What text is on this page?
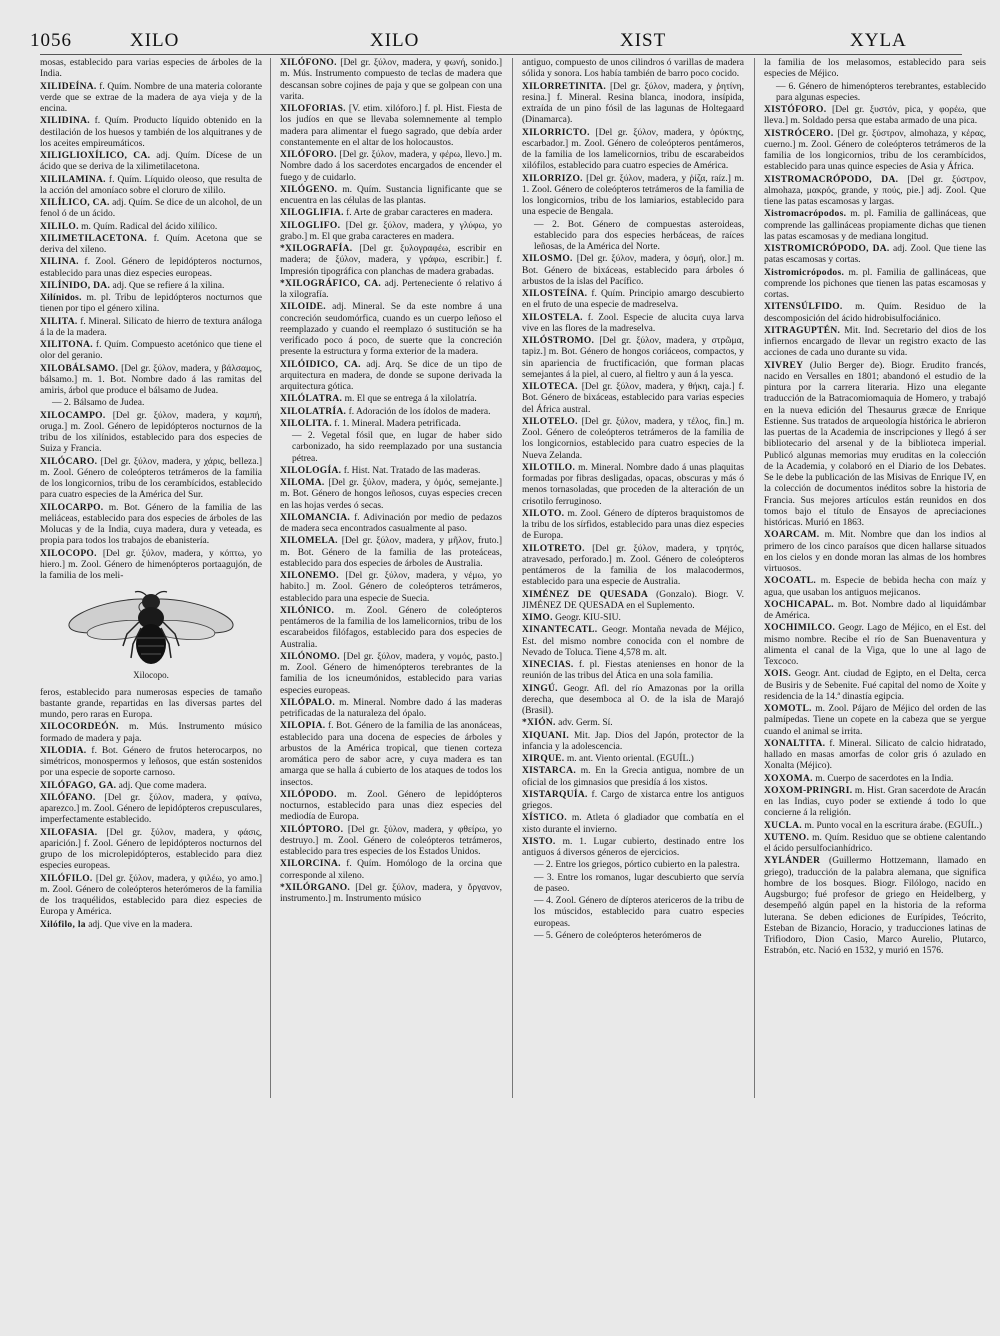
1056	XILO	XILO	XIST	XYLA

mosas, establecido para varias especies de árboles de la India.

XILIDEÍNA. f. Quím. Nombre de una materia colorante verde que se extrae de la madera de aya vieja y de la encina.

XILIDINA. f. Quím. Producto líquido obtenido en la destilación de los huesos y también de los alquitranes y de los aceites empireumáticos.

XILIGLIOXÍLICO, CA. adj. Quím. Dícese de un ácido que se deriva de la xilimetilacetona.

XILILAMINA. f. Quím. Líquido oleoso, que resulta de la acción del amoníaco sobre el cloruro de xililo.

XILÍLICO, CA. adj. Quím. Se dice de un alcohol, de un fenol ó de un ácido.

XILILO. m. Quím. Radical del ácido xilílico.

XILIMETILACETONA. f. Quím. Acetona que se deriva del xileno.

XILINA. f. Zool. Género de lepidópteros nocturnos, establecido para unas diez especies europeas.

XILÍNIDO, DA. adj. Que se refiere á la xilina.

Xilínidos. m. pl. Tribu de lepidópteros nocturnos que tienen por tipo el género xilina.

XILITA. f. Mineral. Silicato de hierro de textura análoga á la de la madera.

XILITONA. f. Quím. Compuesto acetónico que tiene el olor del geranio.

XILOBÁLSAMO. [Del gr. ξύλον, madera, y βάλσαμος, bálsamo.] m. 1. Bot. Nombre dado á las ramitas del amiris, árbol que produce el bálsamo de Judea.

— 2. Bálsamo de Judea.

XILOCAMPO. [Del gr. ξύλον, madera, y καμπή, oruga.] m. Zool. Género de lepidópteros nocturnos de la tribu de los xilínidos, establecido para dos especies de Suiza y Francia.

XILÓCARO. [Del gr. ξύλον, madera, y χάρις, belleza.] m. Zool. Género de coleópteros tetrámeros de la familia de los longicornios, tribu de los cerambícidos, establecido para cuatro especies de la América del Sur.

XILOCARPO. m. Bot. Género de la familia de las meliáceas, establecido para dos especies de árboles de las Molucas y de la India, cuya madera, dura y veteada, es propia para todos los trabajos de ebanistería.

XILOCOPO. [Del gr. ξύλον, madera, y κόπτω, yo hiero.] m. Zool. Género de himenópteros portaagujón, de la familia de los meli-

Xilocopo.

feros, establecido para numerosas especies de tamaño bastante grande, repartidas en las diversas partes del mundo, pero raras en Europa.

XILOCORDEÓN. m. Mús. Instrumento músico formado de madera y paja.

XILODIA. f. Bot. Género de frutos heterocarpos, no simétricos, monospermos y leñosos, que están sostenidos por una especie de soporte carnoso.

XILÓFAGO, GA. adj. Que come madera.

XILÓFANO. [Del gr. ξύλον, madera, y φαίνω, aparezco.] m. Zool. Género de lepidópteros crepusculares, imperfectamente establecido.

XILOFASIA. [Del gr. ξύλον, madera, y φάσις, aparición.] f. Zool. Género de lepidópteros nocturnos del grupo de los microlepidópteros, establecido para diez especies europeas.

XILÓFILO. [Del gr. ξύλον, madera, y φιλέω, yo amo.] m. Zool. Género de coleópteros heterómeros de la familia de los traquélidos, establecido para diez especies de Europa y América.

Xilófilo, la adj. Que vive en la madera.

XILÓFONO. [Del gr. ξύλον, madera, y φωνή, sonido.] m. Mús. Instrumento compuesto de teclas de madera que descansan sobre cojines de paja y que se golpean con una varita.

XILOFORIAS. [V. etim. xilóforo.] f. pl. Hist. Fiesta de los judíos en que se llevaba solemnemente al templo madera para alimentar el fuego sagrado, que debía arder constantemente en el altar de los holocaustos.

XILÓFORO. [Del gr. ξύλον, madera, y φέρω, llevo.] m. Nombre dado á los sacerdotes encargados de encender el fuego y de cuidarlo.

XILÓGENO. m. Quím. Sustancia lignificante que se encuentra en las células de las plantas.

XILOGLIFIA. f. Arte de grabar caracteres en madera.

XILOGLIFO. [Del gr. ξύλον, madera, y γλύφω, yo grabo.] m. El que graba caracteres en madera.

*XILOGRAFÍA. [Del gr. ξυλογραφέω, escribir en madera; de ξύλον, madera, y γράφω, escribir.] f. Impresión tipográfica con planchas de madera grabadas.

*XILOGRÁFICO, CA. adj. Perteneciente ó relativo á la xilografía.

XILOIDE. adj. Mineral. Se da este nombre á una concreción seudomórfica, cuando es un cuerpo leñoso el reemplazado y cuando el reemplazo ó sustitución se ha verificado poco á poco, de suerte que la concreción presente la estructura y forma exterior de la madera.

XILÓIDICO, CA. adj. Arq. Se dice de un tipo de arquitectura en madera, de donde se supone derivada la arquitectura gótica.

XILÓLATRA. m. El que se entrega á la xilolatría.

XILOLATRÍA. f. Adoración de los ídolos de madera.

XILOLITA. f. 1. Mineral. Madera petrificada.

— 2. Vegetal fósil que, en lugar de haber sido carbonizado, ha sido reemplazado por una sustancia pétrea.

XILOLOGÍA. f. Hist. Nat. Tratado de las maderas.

XILOMA. [Del gr. ξύλον, madera, y ὁμός, semejante.] m. Bot. Género de hongos leñosos, cuyas especies crecen en las hojas verdes ó secas.

XILOMANCIA. f. Adivinación por medio de pedazos de madera seca encontrados casualmente al paso.

XILOMELA. [Del gr. ξύλον, madera, y μῆλον, fruto.] m. Bot. Género de la familia de las proteáceas, establecido para dos especies de árboles de Australia.

XILONEMO. [Del gr. ξύλον, madera, y νέμω, yo habito.] m. Zool. Género de coleópteros tetrámeros, establecido para una especie de Suecia.

XILÓNICO. m. Zool. Género de coleópteros pentámeros de la familia de los lamelicornios, tribu de los escarabeidos filófagos, establecido para dos especies de Australia.

XILÓNOMO. [Del gr. ξύλον, madera, y νομός, pasto.] m. Zool. Género de himenópteros terebrantes de la familia de los icneumónidos, establecido para varias especies europeas.

XILÓPALO. m. Mineral. Nombre dado á las maderas petrificadas de la naturaleza del ópalo.

XILOPIA. f. Bot. Género de la familia de las anonáceas, establecido para una docena de especies de árboles y arbustos de la América tropical, que tienen corteza aromática pero de sabor acre, y cuya madera es tan amarga que se halla á cubierto de los ataques de todos los insectos.

XILÓPODO. m. Zool. Género de lepidópteros nocturnos, establecido para unas diez especies del mediodía de Europa.

XILÓPTORO. [Del gr. ξύλον, madera, y φθείρω, yo destruyo.] m. Zool. Género de coleópteros tetrámeros, establecido para tres especies de los Estados Unidos.

XILORCINA. f. Quím. Homólogo de la orcina que corresponde al xileno.

*XILÓRGANO. [Del gr. ξύλον, madera, y ὄργανον, instrumento.] m. Instrumento músico

antiguo, compuesto de unos cilindros ó varillas de madera sólida y sonora. Los había también de barro poco cocido.

XILORRETINITA. [Del gr. ξύλον, madera, y ῥητίνη, resina.] f. Mineral. Resina blanca, inodora, insípida, extraída de un pino fósil de las lagunas de Holtegaard (Dinamarca).

XILORRICTO. [Del gr. ξύλον, madera, y ὀρύκτης, escarbador.] m. Zool. Género de coleópteros pentámeros, de la familia de los lamelicornios, tribu de escarabeidos xilófilos, establecido para cuatro especies de América.

XILORRIZO. [Del gr. ξύλον, madera, y ῥίζα, raíz.] m. 1. Zool. Género de coleópteros tetrámeros de la familia de los longicornios, tribu de los lamiarios, establecido para una especie de Bengala.

— 2. Bot. Género de compuestas asteroideas, establecido para dos especies herbáceas, de raíces leñosas, de la América del Norte.

XILOSMO. [Del gr. ξύλον, madera, y ὀσμή, olor.] m. Bot. Género de bixáceas, establecido para árboles ó arbustos de la islas del Pacífico.

XILOSTEÍNA. f. Quím. Principio amargo descubierto en el fruto de una especie de madreselva.

XILOSTELA. f. Zool. Especie de alucita cuya larva vive en las flores de la madreselva.

XILÓSTROMO. [Del gr. ξύλον, madera, y στρῶμα, tapiz.] m. Bot. Género de hongos coriáceos, compactos, y sin apariencia de fructificación, que forman placas semejantes á la piel, al cuero, al fieltro y aun á la yesca.

XILOTECA. [Del gr. ξύλον, madera, y θήκη, caja.] f. Bot. Género de bixáceas, establecido para varias especies del África austral.

XILOTELO. [Del gr. ξύλον, madera, y τέλος, fin.] m. Zool. Género de coleópteros tetrámeros de la familia de los longicornios, establecido para cuatro especies de la Nueva Zelanda.

XILOTILO. m. Mineral. Nombre dado á unas plaquitas formadas por fibras desligadas, opacas, obscuras y más ó menos tornasoladas, que proceden de la alteración de un crisotilo ferruginoso.

XILOTO. m. Zool. Género de dípteros braquistomos de la tribu de los sírfidos, establecido para unas diez especies de Europa.

XILOTRETO. [Del gr. ξύλον, madera, y τρητός, atravesado, perforado.] m. Zool. Género de coleópteros pentámeros de la familia de los malacodermos, establecido para una especie de Australia.

XIMÉNEZ DE QUESADA (Gonzalo). Biogr. V. JIMÉNEZ DE QUESADA en el Suplemento.

XIMO. Geogr. KIU-SIU.

XINANTECATL. Geogr. Montaña nevada de Méjico, Est. del mismo nombre conocida con el nombre de Nevado de Toluca. Tiene 4,578 m. alt.

XINECIAS. f. pl. Fiestas atenienses en honor de la reunión de las tribus del Ática en una sola familia.

XINGÚ. Geogr. Afl. del río Amazonas por la orilla derecha, que desemboca al O. de la isla de Marajó (Brasil).

*XIÓN. adv. Germ. Sí.

XIQUANI. Mit. Jap. Dios del Japón, protector de la infancia y la adolescencia.

XIRQUE. m. ant. Viento oriental. (EGUÍL.)

XISTARCA. m. En la Grecia antigua, nombre de un oficial de los gimnasios que presidía á los xistos.

XISTARQUÍA. f. Cargo de xistarca entre los antiguos griegos.

XÍSTICO. m. Atleta ó gladiador que combatía en el xisto durante el invierno.

XISTO. m. 1. Lugar cubierto, destinado entre los antiguos á diversos géneros de ejercicios.

— 2. Entre los griegos, pórtico cubierto en la palestra.

— 3. Entre los romanos, lugar descubierto que servía de paseo.

— 4. Zool. Género de dípteros atericeros de la tribu de los múscidos, establecido para cuatro especies europeas.

— 5. Género de coleópteros heterómeros de

la familia de los melasomos, establecido para seis especies de Méjico.

— 6. Género de himenópteros terebrantes, establecido para algunas especies.

XISTÓFORO. [Del gr. ξυστόν, pica, y φορέω, que lleva.] m. Soldado persa que estaba armado de una pica.

XISTRÓCERO. [Del gr. ξύστρον, almohaza, y κέρας, cuerno.] m. Zool. Género de coleópteros tetrámeros de la familia de los longicornios, tribu de los cerambícidos, establecido para unas quince especies de Asia y África.

XISTROMACRÓPODO, DA. [Del gr. ξύστρον, almohaza, μακρός, grande, y πούς, pie.] adj. Zool. Que tiene las patas escamosas y largas.

Xistromacrópodos. m. pl. Familia de gallináceas, que comprende las gallináceas propiamente dichas que tienen las patas escamosas y de mediana longitud.

XISTROMICRÓPODO, DA. adj. Zool. Que tiene las patas escamosas y cortas.

Xistromicrópodos. m. pl. Familia de gallináceas, que comprende los pichones que tienen las patas escamosas y cortas.

XITENSÚLFIDO. m. Quím. Residuo de la descomposición del ácido hidrobisulfociánico.

XITRAGUPTÉN. Mit. Ind. Secretario del dios de los infiernos encargado de llevar un registro exacto de las acciones de cada uno durante su vida.

XIVREY (Julio Berger de). Biogr. Erudito francés, nacido en Versalles en 1801; abandonó el estudio de la pintura por la carrera literaria. Hizo una elegante traducción de la Batracomiomaquia de Homero, y trabajó en la nueva edición del Thesaurus græcæ de Enrique Estienne. Sus tratados de arqueología histórica le abrieron las puertas de la Academia de inscripciones y llegó á ser bibliotecario del arsenal y de la biblioteca imperial. Publicó algunas memorias muy eruditas en la colección de la Academia, y colaboró en el Diario de los Debates. Se le debe la publicación de las Misivas de Enrique IV, en la colección de documentos inéditos sobre la historia de Francia. Sus mejores artículos están reunidos en dos tomos bajo el título de Ensayos de apreciaciones históricas. Murió en 1863.

XOARCAM. m. Mit. Nombre que dan los indios al primero de los cinco paraísos que dicen hallarse situados en los cielos y en donde moran las almas de los hombres virtuosos.

XOCOATL. m. Especie de bebida hecha con maíz y agua, que usaban los antiguos mejicanos.

XOCHICAPAL. m. Bot. Nombre dado al liquidámbar de América.

XOCHIMILCO. Geogr. Lago de Méjico, en el Est. del mismo nombre. Recibe el río de San Buenaventura y alimenta el canal de la Viga, que lo une al lago de Texcoco.

XOIS. Geogr. Ant. ciudad de Egipto, en el Delta, cerca de Busiris y de Sebenite. Fué capital del nomo de Xoite y residencia de la 14.ª dinastía egipcia.

XOMOTL. m. Zool. Pájaro de Méjico del orden de las palmípedas. Tiene un copete en la cabeza que se yergue cuando el animal se irrita.

XONALTITA. f. Mineral. Silicato de calcio hidratado, hallado en masas amorfas de color gris ó azulado en Xonalta (Méjico).

XOXOMA. m. Cuerpo de sacerdotes en la India.

XOXOM-PRINGRI. m. Hist. Gran sacerdote de Aracán en las Indias, cuyo poder se extiende á todo lo que concierne á la religión.

XUCLA. m. Punto vocal en la escritura árabe. (EGUÍL.)

XUTENO. m. Quím. Residuo que se obtiene calentando el ácido persulfocianhídrico.

XYLÁNDER (Guillermo Hottzemann, llamado en griego), traducción de la palabra alemana, que significa hombre de los bosques. Biogr. Filólogo, nacido en Augsburgo; fué profesor de griego en Heidelberg, y desempeñó algún papel en la historia de la reforma luterana. Se deben ediciones de Eurípides, Teócrito, Esteban de Bizancio, Horacio, y traducciones latinas de Trifiodoro, Dion Casio, Marco Aurelio, Plutarco, Estrabón, etc. Nació en 1532, y murió en 1576.
